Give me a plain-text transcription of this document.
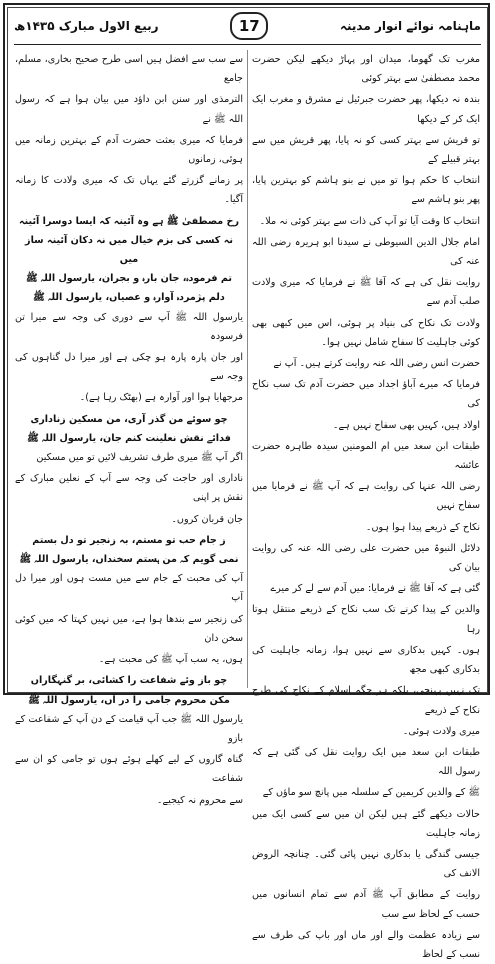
ربیع الاول مبارک ۱۴۳۵ھ	17	ماہنامہ نوائے انوار مدینہ

مغرب تک گھوما، میدان اور پہاڑ دیکھے لیکن حضرت محمد مصطفیٰ سے بہتر کوئی

بندہ نہ دیکھا، پھر حضرت جبرئیل نے مشرق و مغرب ایک ایک کر کے دیکھا

تو قریش سے بہتر کسی کو نہ پایا، پھر قریش میں سے بہتر قبیلے کے

انتخاب کا حکم ہوا تو میں نے بنو ہاشم کو بہترین پایا، پھر بنو ہاشم سے

انتخاب کا وقت آیا تو آپ کی ذات سے بہتر کوئی نہ ملا۔

امام جلال الدین السیوطی نے سیدنا ابو ہریرہ رضی اللہ عنہ کی

روایت نقل کی ہے کہ آقا ﷺ نے فرمایا کہ میری ولادت صلب آدم سے

ولادت تک نکاح کی بنیاد پر ہوئی، اس میں کبھی بھی کوئی جاہلیت کا سفاح شامل نہیں ہوا۔

حضرت انس رضی اللہ عنہ روایت کرتے ہیں۔ آپ نے

فرمایا کہ میرے آباؤ اجداد میں حضرت آدم تک سب نکاح کی

اولاد ہیں، کہیں بھی سفاح نہیں ہے۔

طبقات ابن سعد میں ام المومنین سیدہ طاہرہ حضرت عائشہ

رضی اللہ عنہا کی روایت ہے کہ آپ ﷺ نے فرمایا میں سفاح نہیں

نکاح کے ذریعے پیدا ہوا ہوں۔

دلائل النبوۃ میں حضرت علی رضی اللہ عنہ کی روایت بیان کی

گئی ہے کہ آقا ﷺ نے فرمایا: میں آدم سے لے کر میرے

والدین کے پیدا کرنے تک سب نکاح کے ذریعے منتقل ہوتا رہا

ہوں۔ کہیں بدکاری سے نہیں ہوا، زمانہ جاہلیت کی بدکاری کبھی مجھ

تک نہیں پہنچی، بلکہ ہر جگہ اسلام کے نکاح کی طرح نکاح کے ذریعے

میری ولادت ہوئی۔

طبقات ابن سعد میں ایک روایت نقل کی گئی ہے کہ رسول اللہ

ﷺ کے والدین کریمین کے سلسلہ میں پانچ سو ماؤں کے

حالات دیکھے گئے ہیں لیکن ان میں سے کسی ایک میں زمانہ جاہلیت

جیسی گندگی یا بدکاری نہیں پائی گئی۔ چنانچہ الروض الانف کی

روایت کے مطابق آپ ﷺ آدم سے تمام انسانوں میں حسب کے لحاظ سے سب

سے زیادہ عظمت والے اور ماں اور باپ کی طرف سے نسب کے لحاظ

سے سب سے افضل ہیں اسی طرح صحیح بخاری، مسلم، جامع

الترمذی اور سنن ابن داؤد میں بیان ہوا ہے کہ رسول اللہ ﷺ نے

فرمایا کہ میری بعثت حضرت آدم کے بہترین زمانہ میں ہوئی، زمانوں

پر زمانے گزرتے گئے یہاں تک کہ میری ولادت کا زمانہ آگیا۔

رخ مصطفیٰ ﷺ ہے وہ آئینہ کہ ایسا دوسرا آئینہ

نہ کسی کی بزم خیال میں نہ دکان آئینہ ساز میں

تم فرمودہ، جان بارہ و بجران، یارسول اللہ ﷺ

دلم پژمردہ آوارہ و عصیاں، یارسول اللہ ﷺ

یارسول اللہ ﷺ آپ سے دوری کی وجہ سے میرا تن فرسودہ

اور جان پارہ پارہ ہو چکی ہے اور میرا دل گناہوں کی وجہ سے

مرجھایا ہوا اور آوارہ ہے (بھٹک رہا ہے)۔

چو سوئے من گذر آری، من مسکین زناداری

فدائے نقش نعلینت کنم جان، یارسول اللہ ﷺ

اگر آپ ﷺ میری طرف تشریف لائیں تو میں مسکین

ناداری اور حاجت کی وجہ سے آپ کے نعلین مبارک کے نقش پر اپنی

جان قربان کروں۔

ز جام حب تو مستم، بہ زنجیر تو دل بستم

نمی گویم کہ من ہستم سخنداں، یارسول اللہ ﷺ

آپ کی محبت کے جام سے میں مست ہوں اور میرا دل آپ

کی زنجیر سے بندھا ہوا ہے، میں نہیں کہتا کہ میں کوئی سخن دان

ہوں، یہ سب آپ ﷺ کی محبت ہے۔

چو باز وئے شفاعت را کشائی، بر گنہگاراں

مکن محروم جامی را در آں، یارسول اللہ ﷺ

یارسول اللہ ﷺ جب آپ قیامت کے دن آپ کے شفاعت کے بازو

گناہ گاروں کے لیے کھلے ہوئے ہوں تو جامی کو ان سے شفاعت

سے محروم نہ کیجیے۔
